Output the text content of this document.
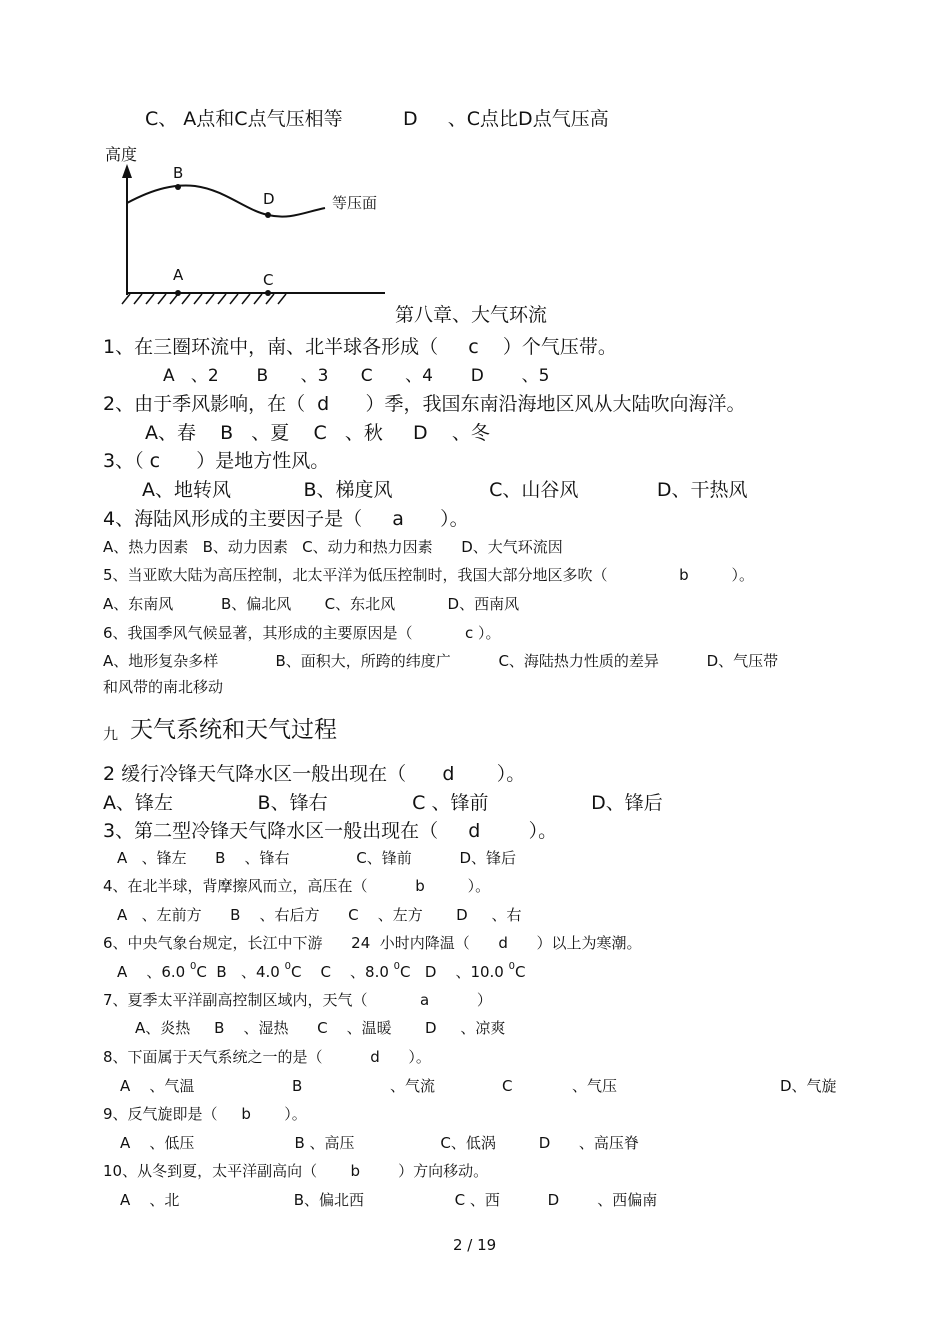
C、 A点和C点气压相等          D     、C点比D点气压高
高度
B
D
A	C
等压面
第八章、大气环流
1、在三圈环流中，南、北半球各形成（     c    ）个气压带。
A   、2       B      、3      C      、4       D       、5
2、由于季风影响，在（  d      ）季，我国东南沿海地区风从大陆吹向海洋。
A、春    B   、夏    C   、秋     D    、冬
3、（ c      ）是地方性风。
A、地转风            B、梯度风                C、山谷风             D、干热风
4、海陆风形成的主要因子是（     a      ）。
A、热力因素   B、动力因素   C、动力和热力因素      D、大气环流因
5、当亚欧大陆为高压控制，北太平洋为低压控制时，我国大部分地区多吹（               b         ）。
A、东南风          B、偏北风       C、东北风           D、西南风
6、我国季风气候显著，其形成的主要原因是（           c ）。
A、地形复杂多样            B、面积大，所跨的纬度广          C、海陆热力性质的差异          D、气压带
和风带的南北移动
九 天气系统和天气过程
2 缓行冷锋天气降水区一般出现在（      d       ）。
A、锋左              B、锋右              C 、锋前                 D、锋后
3、第二型冷锋天气降水区一般出现在（     d        ）。
A   、锋左      B    、锋右              C、锋前          D、锋后
4、在北半球，背摩擦风而立，高压在（          b         ）。
A   、左前方      B    、右后方      C    、左方       D     、右
6、中央气象台规定，长江中下游      24  小时内降温（      d      ）以上为寒潮。
A    、6.0 $^0$C  B   、4.0 $^0$C    C    、8.0 $^0$C   D    、10.0 $^0$C
7、夏季太平洋副高控制区域内，天气（           a          ）
A、炎热     B    、湿热      C    、温暖       D     、凉爽
8、下面属于天气系统之一的是（          d      ）。
A    、气温	B	、气流	C	、气压	D、气旋
9、反气旋即是（     b       ）。
A    、低压                     B 、高压                  C、低涡         D      、高压脊
10、从冬到夏，太平洋副高向（       b        ）方向移动。
A    、北                        B、偏北西                   C 、西          D        、西偏南
2 / 19
